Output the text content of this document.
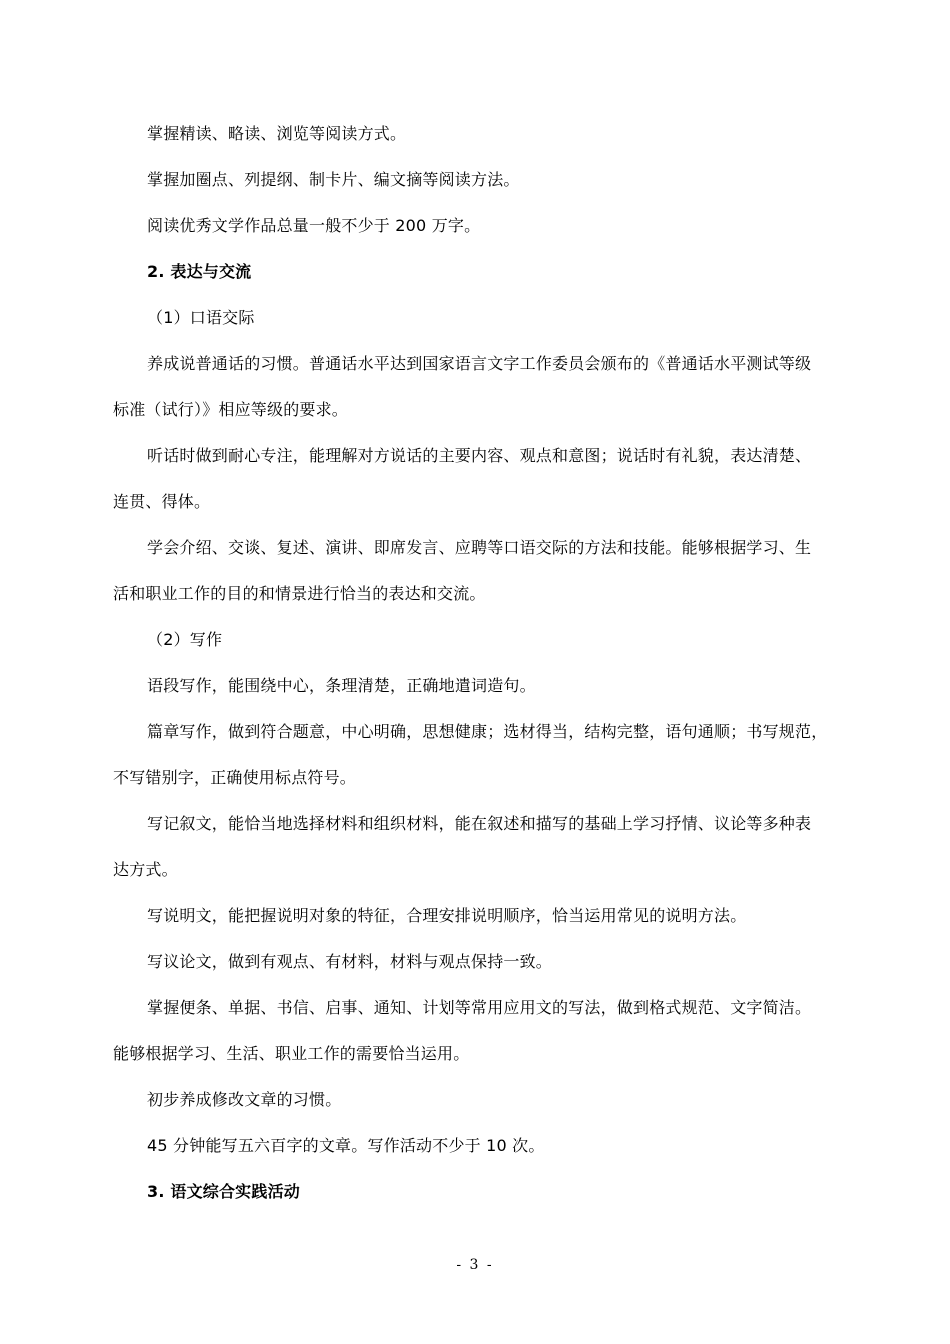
掌握精读、略读、浏览等阅读方式。
掌握加圈点、列提纲、制卡片、编文摘等阅读方法。
阅读优秀文学作品总量一般不少于 200 万字。
2. 表达与交流
（1）口语交际
养成说普通话的习惯。普通话水平达到国家语言文字工作委员会颁布的《普通话水平测试等级
标准（试行）》相应等级的要求。
听话时做到耐心专注，能理解对方说话的主要内容、观点和意图；说话时有礼貌，表达清楚、
连贯、得体。
学会介绍、交谈、复述、演讲、即席发言、应聘等口语交际的方法和技能。能够根据学习、生
活和职业工作的目的和情景进行恰当的表达和交流。
（2）写作
语段写作，能围绕中心，条理清楚，正确地遣词造句。
篇章写作，做到符合题意，中心明确，思想健康；选材得当，结构完整，语句通顺；书写规范，
不写错别字，正确使用标点符号。
写记叙文，能恰当地选择材料和组织材料，能在叙述和描写的基础上学习抒情、议论等多种表
达方式。
写说明文，能把握说明对象的特征，合理安排说明顺序，恰当运用常见的说明方法。
写议论文，做到有观点、有材料，材料与观点保持一致。
掌握便条、单据、书信、启事、通知、计划等常用应用文的写法，做到格式规范、文字简洁。
能够根据学习、生活、职业工作的需要恰当运用。
初步养成修改文章的习惯。
45 分钟能写五六百字的文章。写作活动不少于 10 次。
3. 语文综合实践活动
- 3 -
